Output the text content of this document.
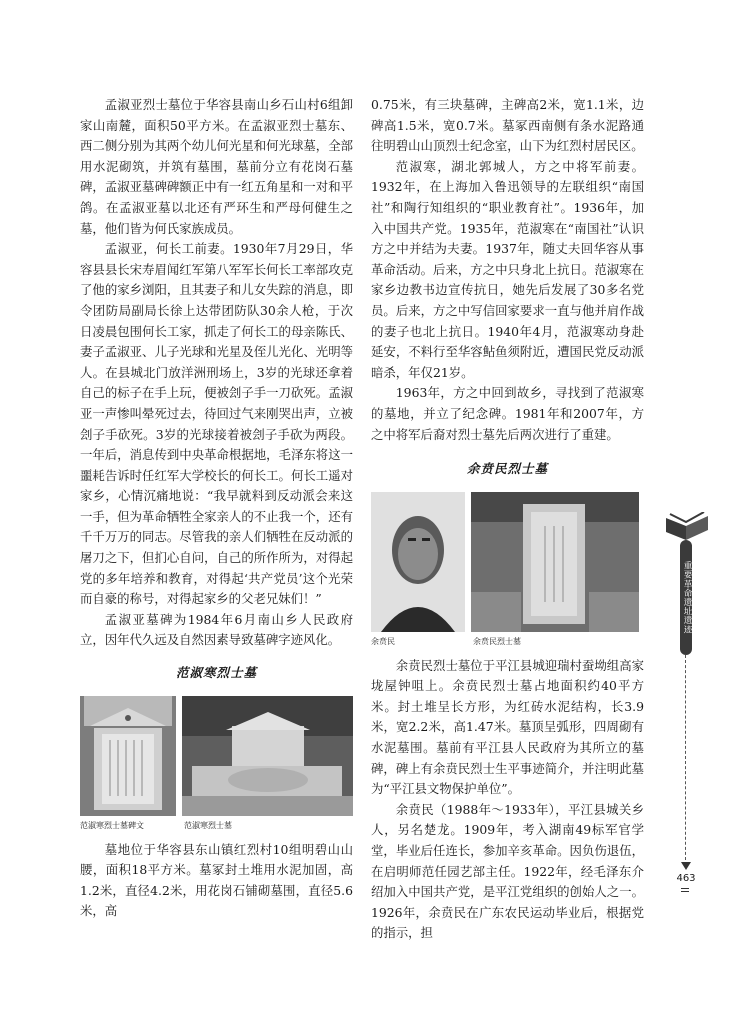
孟淑亚烈士墓位于华容县南山乡石山村6组卸家山南麓，面积50平方米。在孟淑亚烈士墓东、西二侧分别为其两个幼儿何光星和何光球墓，全部用水泥砌筑，并筑有墓围，墓前分立有花岗石墓碑，孟淑亚墓碑碑额正中有一红五角星和一对和平鸽。在孟淑亚墓以北还有严环生和严母何健生之墓，他们皆为何氏家族成员。

孟淑亚，何长工前妻。1930年7月29日，华容县县长宋寿眉闻红军第八军军长何长工率部攻克了他的家乡浏阳，且其妻子和儿女失踪的消息，即令团防局副局长徐上达带团防队30余人枪，于次日凌晨包围何长工家，抓走了何长工的母亲陈氏、妻子孟淑亚、儿子光球和光星及侄儿光化、光明等人。在县城北门放洋洲刑场上，3岁的光球还拿着自己的标子在手上玩，便被刽子手一刀砍死。孟淑亚一声惨叫晕死过去，待回过气来刚哭出声，立被刽子手砍死。3岁的光球接着被刽子手砍为两段。一年后，消息传到中央革命根据地，毛泽东将这一噩耗告诉时任红军大学校长的何长工。何长工遥对家乡，心情沉痛地说：“我早就料到反动派会来这一手，但为革命牺牲全家亲人的不止我一个，还有千千万万的同志。尽管我的亲人们牺牲在反动派的屠刀之下，但扪心自问，自己的所作所为，对得起党的多年培养和教育，对得起‘共产党员’这个光荣而自豪的称号，对得起家乡的父老兄妹们！”

孟淑亚墓碑为1984年6月南山乡人民政府立，因年代久远及自然因素导致墓碑字迹风化。

范淑寒烈士墓
范淑寒烈士墓碑文	范淑寒烈士墓

墓地位于华容县东山镇红烈村10组明碧山山腰，面积18平方米。墓冢封土堆用水泥加固，高1.2米，直径4.2米，用花岗石铺砌墓围，直径5.6米，高

0.75米，有三块墓碑，主碑高2米，宽1.1米，边碑高1.5米，宽0.7米。墓冢西南侧有条水泥路通往明碧山山顶烈士纪念室，山下为红烈村居民区。

范淑寒，湖北郭城人，方之中将军前妻。1932年，在上海加入鲁迅领导的左联组织“南国社”和陶行知组织的“职业教育社”。1936年，加入中国共产党。1935年，范淑寒在“南国社”认识方之中并结为夫妻。1937年，随丈夫回华容从事革命活动。后来，方之中只身北上抗日。范淑寒在家乡边教书边宣传抗日，她先后发展了30多名党员。后来，方之中写信回家要求一直与他并肩作战的妻子也北上抗日。1940年4月，范淑寒动身赴延安，不料行至华容鲇鱼须附近，遭国民党反动派暗杀，年仅21岁。

1963年，方之中回到故乡，寻找到了范淑寒的墓地，并立了纪念碑。1981年和2007年，方之中将军后裔对烈士墓先后两次进行了重建。

余贲民烈士墓
余贲民	余贲民烈士墓

余贲民烈士墓位于平江县城迎瑞村蚕坳组高家垅屋钟咀上。余贲民烈士墓占地面积约40平方米。封土堆呈长方形，为红砖水泥结构，长3.9米，宽2.2米，高1.47米。墓顶呈弧形，四周砌有水泥墓围。墓前有平江县人民政府为其所立的墓碑，碑上有余贲民烈士生平事迹简介，并注明此墓为“平江县文物保护单位”。

余贲民（1988年～1933年），平江县城关乡人，另名楚龙。1909年，考入湖南49标军官学堂，毕业后任连长，参加辛亥革命。因负伤退伍，在启明师范任园艺部主任。1922年，经毛泽东介绍加入中国共产党，是平江党组织的创始人之一。1926年，余贲民在广东农民运动毕业后，根据党的指示，担

重要革命遗址遗迹
463
